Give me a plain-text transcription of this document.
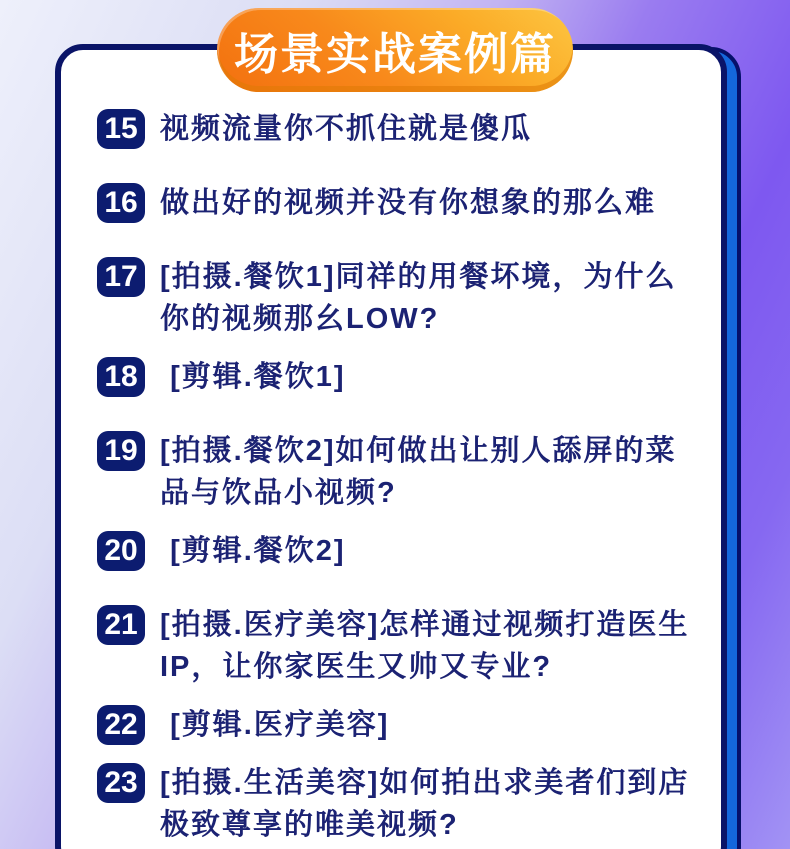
15 视频流量你不抓住就是傻瓜
16 做出好的视频并没有你想象的那么难
17 [拍摄.餐饮1]同祥的用餐坏境，为什么
你的视频那幺LOW?
18 [剪辑.餐饮1]
19 [拍摄.餐饮2]如何做出让别人舔屏的菜
品与饮品小视频?
20 [剪辑.餐饮2]
21 [拍摄.医疗美容]怎样通过视频打造医生
IP，让你家医生又帅又专业?
22 [剪辑.医疗美容]
23 [拍摄.生活美容]如何拍出求美者们到店
极致尊享的唯美视频?
场景实战案例篇
